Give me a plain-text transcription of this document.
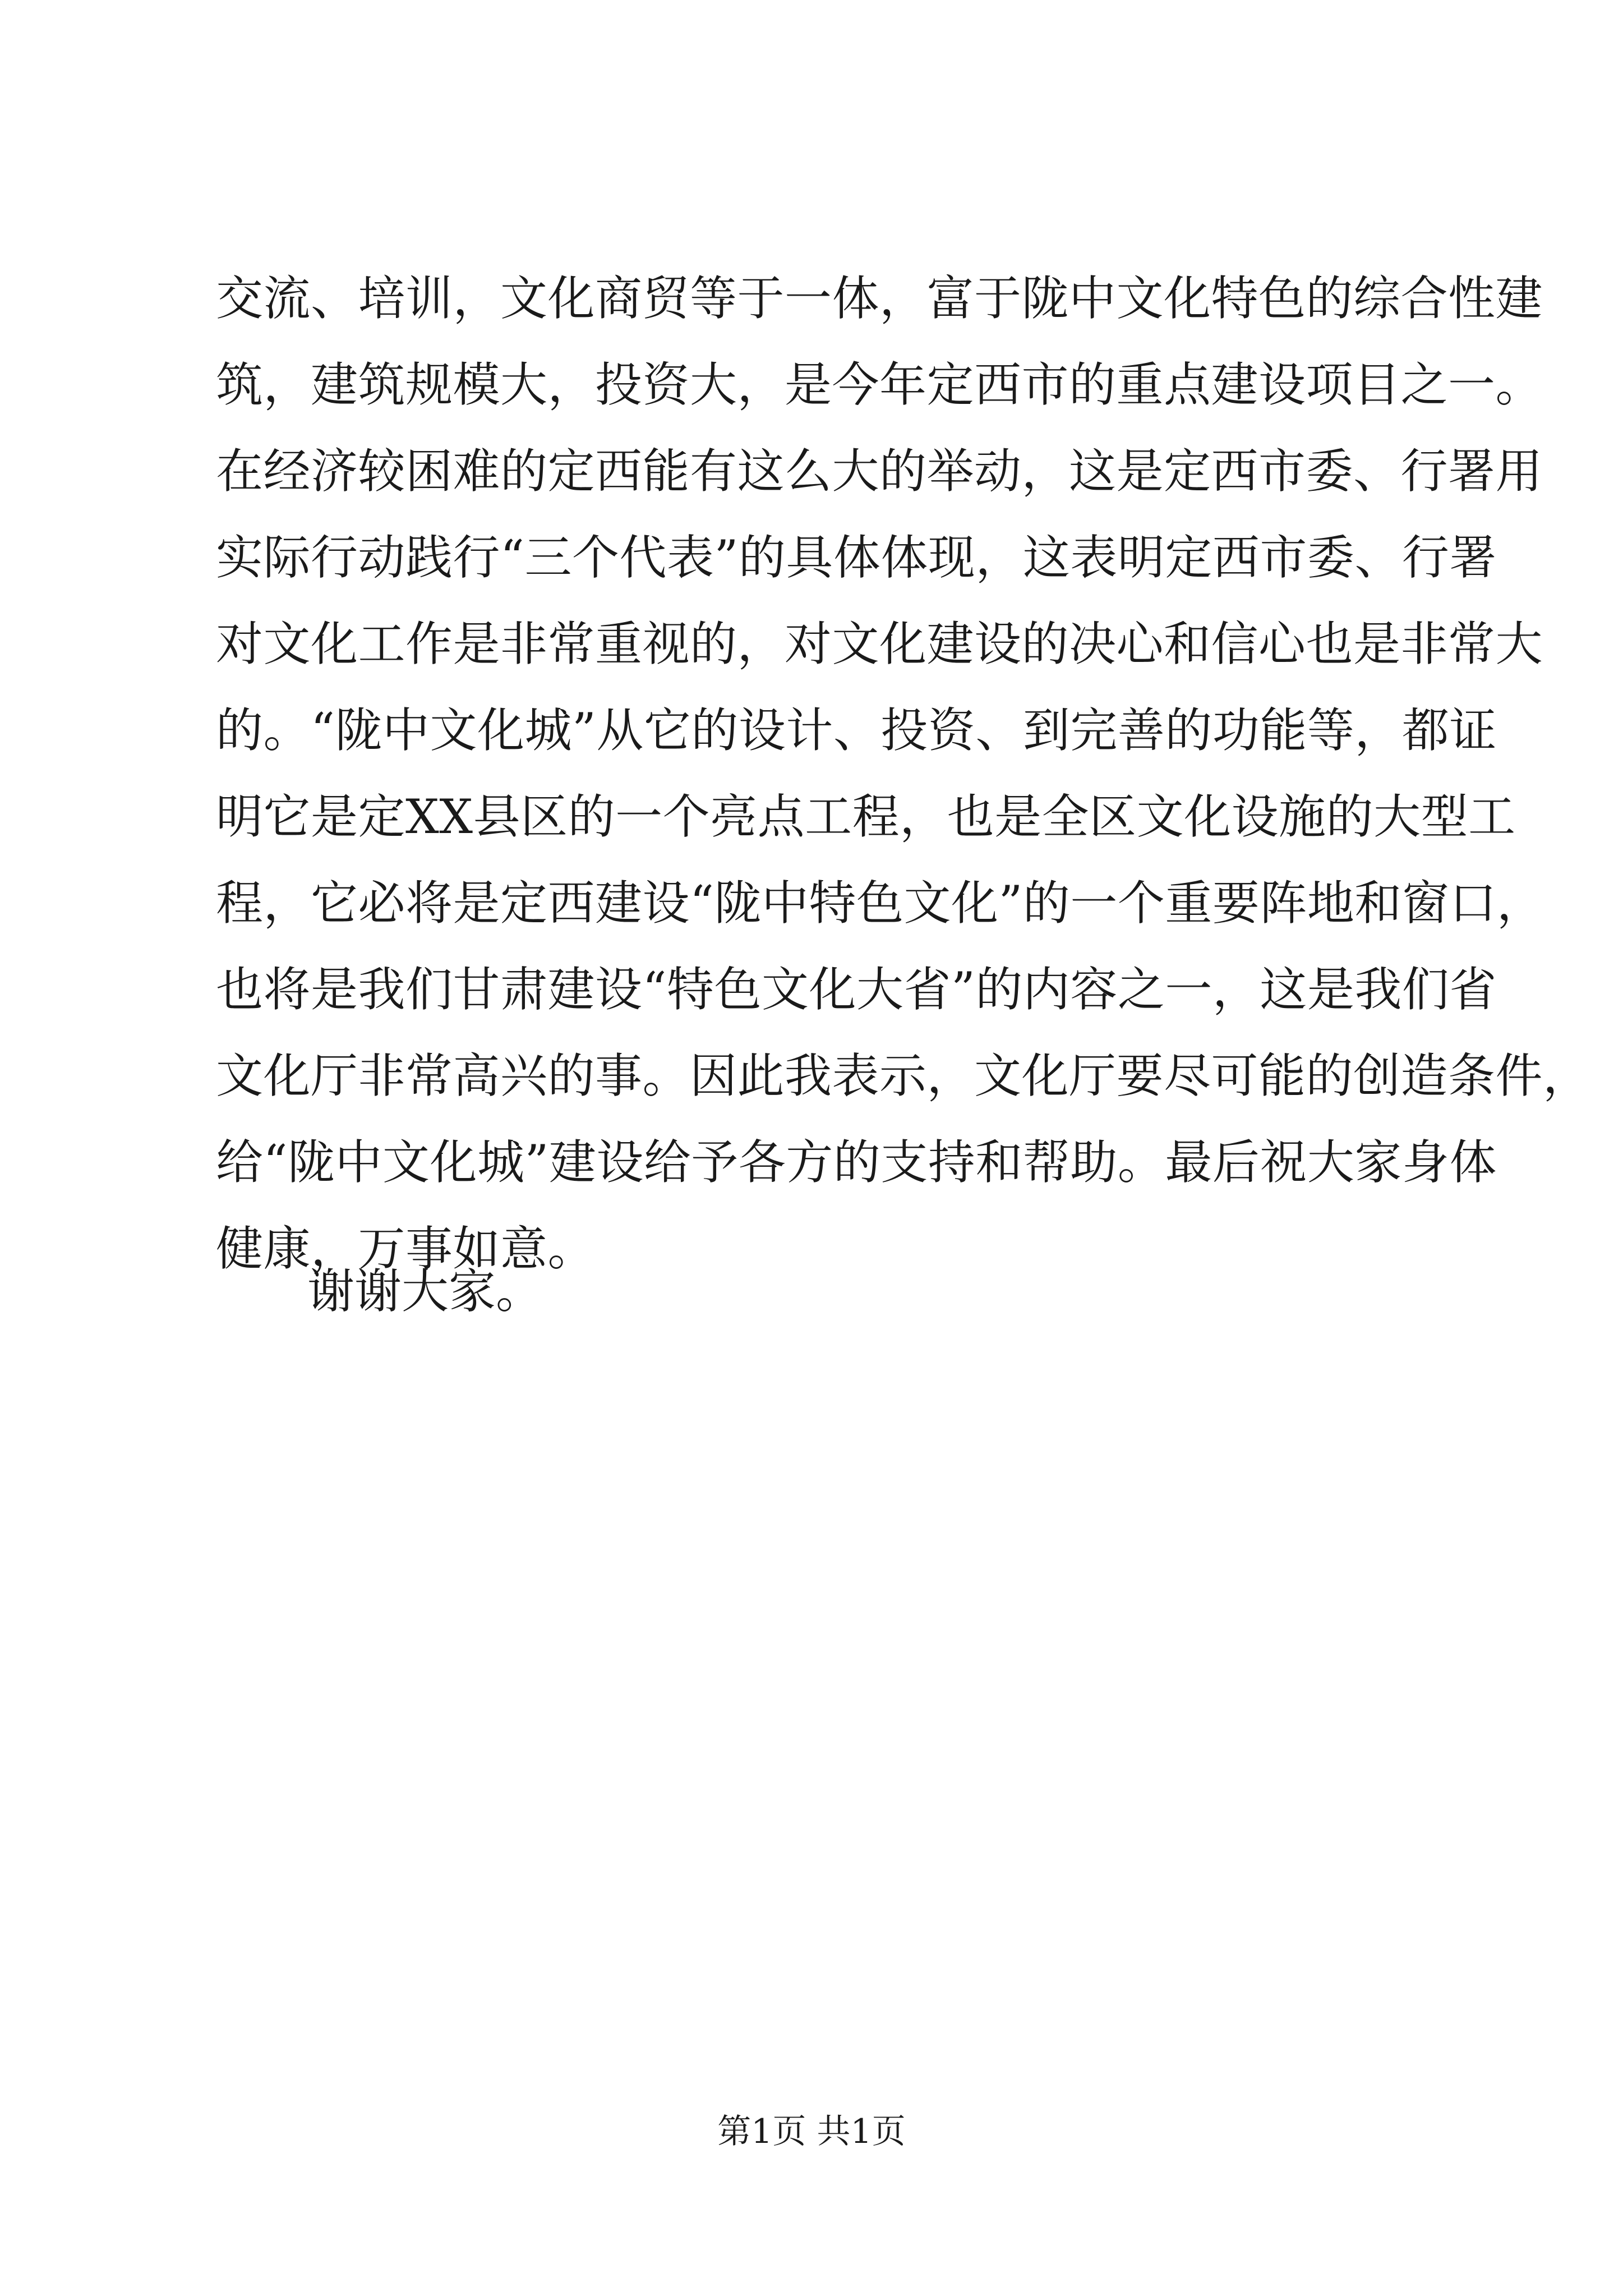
交流、培训，文化商贸等于一体，富于陇中文化特色的综合性建
筑，建筑规模大，投资大，是今年定西市的重点建设项目之一。
在经济较困难的定西能有这么大的举动，这是定西市委、行署用
实际行动践行“三个代表”的具体体现，这表明定西市委、行署
对文化工作是非常重视的，对文化建设的决心和信心也是非常大
的。“陇中文化城”从它的设计、投资、到完善的功能等，都证
明它是定XX县区的一个亮点工程，也是全区文化设施的大型工
程，它必将是定西建设“陇中特色文化”的一个重要阵地和窗口，
也将是我们甘肃建设“特色文化大省”的内容之一，这是我们省
文化厅非常高兴的事。因此我表示，文化厅要尽可能的创造条件，
给“陇中文化城”建设给予各方的支持和帮助。最后祝大家身体
健康，万事如意。
谢谢大家。
第1页 共1页
